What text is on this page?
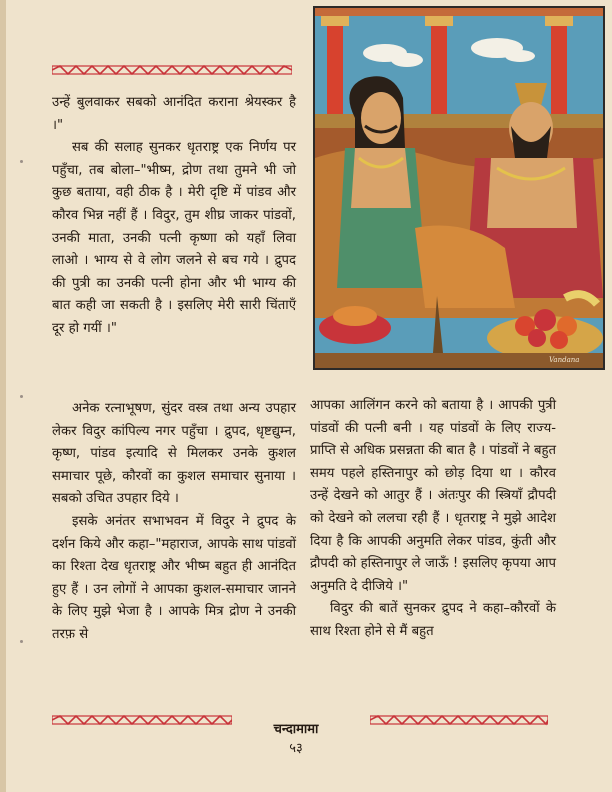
उन्हें बुलवाकर सबको आनंदित कराना श्रेयस्कर है ।"

सब की सलाह सुनकर धृतराष्ट्र एक निर्णय पर पहुँचा, तब बोला–"भीष्म, द्रोण तथा तुमने भी जो कुछ बताया, वही ठीक है । मेरी दृष्टि में पांडव और कौरव भिन्न नहीं हैं । विदुर, तुम शीघ्र जाकर पांडवों, उनकी माता, उनकी पत्नी कृष्णा को यहाँ लिवा लाओ । भाग्य से वे लोग जलने से बच गये । द्रुपद की पुत्री का उनकी पत्नी होना और भी भाग्य की बात कही जा सकती है । इसलिए मेरी सारी चिंताएँ दूर हो गयीं ।"

Vandana

अनेक रत्नाभूषण, सुंदर वस्त्र तथा अन्य उपहार लेकर विदुर कांपिल्य नगर पहुँचा । द्रुपद, धृष्टद्युम्न, कृष्ण, पांडव इत्यादि से मिलकर उनके कुशल समाचार पूछे, कौरवों का कुशल समाचार सुनाया । सबको उचित उपहार दिये ।

इसके अनंतर सभाभवन में विदुर ने द्रुपद के दर्शन किये और कहा–"महाराज, आपके साथ पांडवों का रिश्ता देख धृतराष्ट्र और भीष्म बहुत ही आनंदित हुए हैं । उन लोगों ने आपका कुशल-समाचार जानने के लिए मुझे भेजा है । आपके मित्र द्रोण ने उनकी तरफ़ से

आपका आलिंगन करने को बताया है । आपकी पुत्री पांडवों की पत्नी बनी । यह पांडवों के लिए राज्य-प्राप्ति से अधिक प्रसन्नता की बात है । पांडवों ने बहुत समय पहले हस्तिनापुर को छोड़ दिया था । कौरव उन्हें देखने को आतुर हैं । अंतःपुर की स्त्रियाँ द्रौपदी को देखने को ललचा रही हैं । धृतराष्ट्र ने मुझे आदेश दिया है कि आपकी अनुमति लेकर पांडव, कुंती और द्रौपदी को हस्तिनापुर ले जाऊँ ! इसलिए कृपया आप अनुमति दे दीजिये ।"

विदुर की बातें सुनकर द्रुपद ने कहा–कौरवों के साथ रिश्ता होने से मैं बहुत

चन्दामामा
५३
